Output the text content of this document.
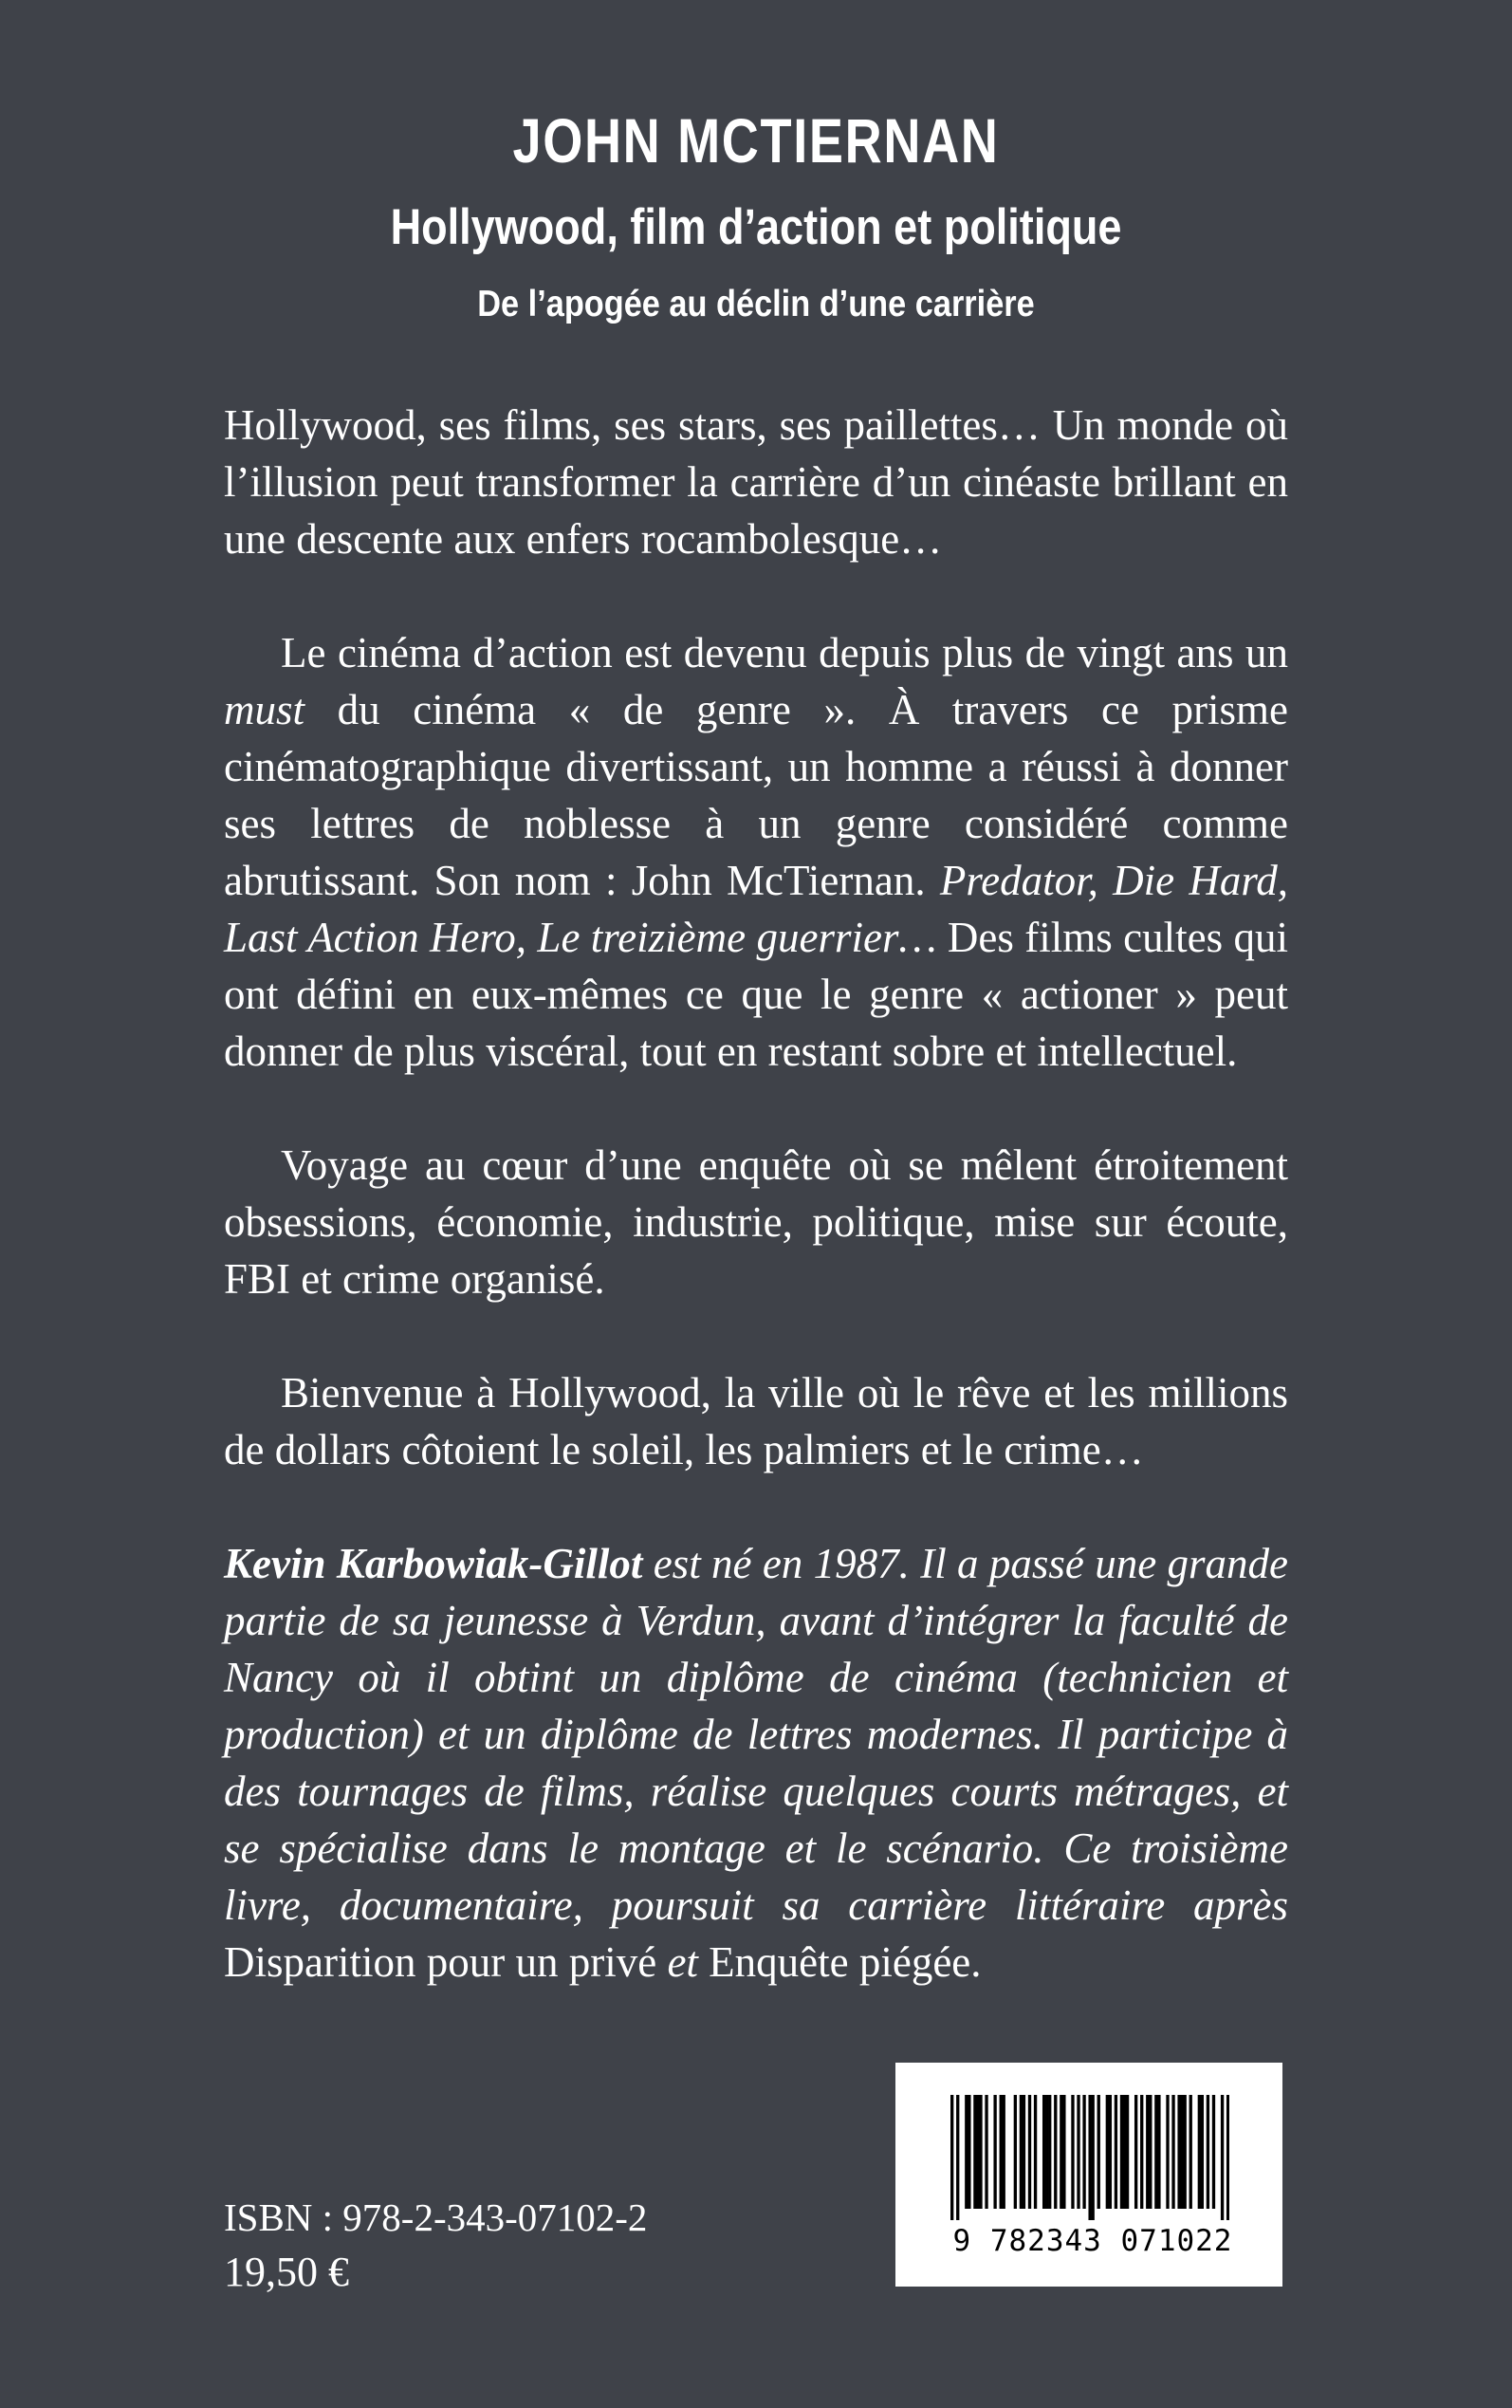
JOHN MCTIERNAN
Hollywood, film d’action et politique
De l’apogée au déclin d’une carrière

Hollywood, ses films, ses stars, ses paillettes… Un monde où l’illusion peut transformer la carrière d’un cinéaste brillant en une descente aux enfers rocambolesque…

Le cinéma d’action est devenu depuis plus de vingt ans un must du cinéma « de genre ». À travers ce prisme cinématographique divertissant, un homme a réussi à donner ses lettres de noblesse à un genre considéré comme abrutissant. Son nom : John McTiernan. Predator, Die Hard, Last Action Hero, Le treizième guerrier… Des films cultes qui ont défini en eux-mêmes ce que le genre « actioner » peut donner de plus viscéral, tout en restant sobre et intellectuel.

Voyage au cœur d’une enquête où se mêlent étroitement obsessions, économie, industrie, politique, mise sur écoute, FBI et crime organisé.

Bienvenue à Hollywood, la ville où le rêve et les millions de dollars côtoient le soleil, les palmiers et le crime…

Kevin Karbowiak-Gillot est né en 1987. Il a passé une grande partie de sa jeunesse à Verdun, avant d’intégrer la faculté de Nancy où il obtint un diplôme de cinéma (technicien et production) et un diplôme de lettres modernes. Il participe à des tournages de films, réalise quelques courts métrages, et se spécialise dans le montage et le scénario. Ce troisième livre, documentaire, poursuit sa carrière littéraire après Disparition pour un privé et Enquête piégée.

ISBN : 978-2-343-07102-2
19,50 €
9 782343 071022
